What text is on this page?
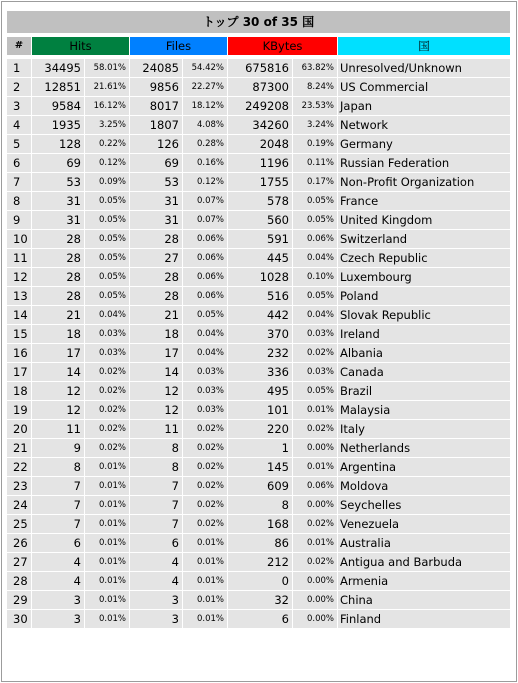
トップ 30 of 35 国							

#	Hits		Files		KBytes		国

1	34495	58.01%	24085	54.42%	675816	63.82%	Unresolved/Unknown
2	12851	21.61%	9856	22.27%	87300	8.24%	US Commercial
3	9584	16.12%	8017	18.12%	249208	23.53%	Japan
4	1935	3.25%	1807	4.08%	34260	3.24%	Network
5	128	0.22%	126	0.28%	2048	0.19%	Germany
6	69	0.12%	69	0.16%	1196	0.11%	Russian Federation
7	53	0.09%	53	0.12%	1755	0.17%	Non-Profit Organization
8	31	0.05%	31	0.07%	578	0.05%	France
9	31	0.05%	31	0.07%	560	0.05%	United Kingdom
10	28	0.05%	28	0.06%	591	0.06%	Switzerland
11	28	0.05%	27	0.06%	445	0.04%	Czech Republic
12	28	0.05%	28	0.06%	1028	0.10%	Luxembourg
13	28	0.05%	28	0.06%	516	0.05%	Poland
14	21	0.04%	21	0.05%	442	0.04%	Slovak Republic
15	18	0.03%	18	0.04%	370	0.03%	Ireland
16	17	0.03%	17	0.04%	232	0.02%	Albania
17	14	0.02%	14	0.03%	336	0.03%	Canada
18	12	0.02%	12	0.03%	495	0.05%	Brazil
19	12	0.02%	12	0.03%	101	0.01%	Malaysia
20	11	0.02%	11	0.02%	220	0.02%	Italy
21	9	0.02%	8	0.02%	1	0.00%	Netherlands
22	8	0.01%	8	0.02%	145	0.01%	Argentina
23	7	0.01%	7	0.02%	609	0.06%	Moldova
24	7	0.01%	7	0.02%	8	0.00%	Seychelles
25	7	0.01%	7	0.02%	168	0.02%	Venezuela
26	6	0.01%	6	0.01%	86	0.01%	Australia
27	4	0.01%	4	0.01%	212	0.02%	Antigua and Barbuda
28	4	0.01%	4	0.01%	0	0.00%	Armenia
29	3	0.01%	3	0.01%	32	0.00%	China
30	3	0.01%	3	0.01%	6	0.00%	Finland
